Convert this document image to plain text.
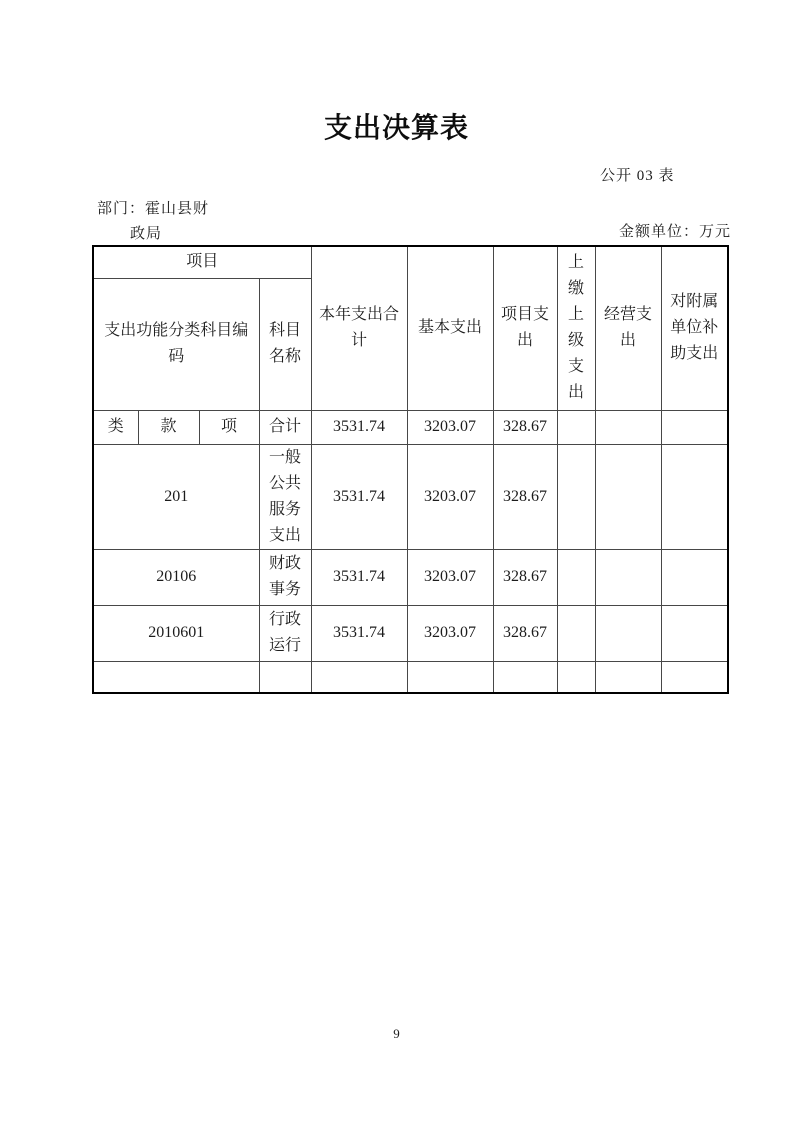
支出决算表
公开 03 表
部门：霍山县财
政局	金额单位：万元
项目				本年支出合计	基本支出	项目支出	上缴上级支出	经营支出	对附属单位补助支出
支出功能分类科目编码			科目名称						
类	款	项	合计	3531.74	3203.07	328.67			
201			一般公共服务支出	3531.74	3203.07	328.67			
20106			财政事务	3531.74	3203.07	328.67			
2010601			行政运行	3531.74	3203.07	328.67			

9
